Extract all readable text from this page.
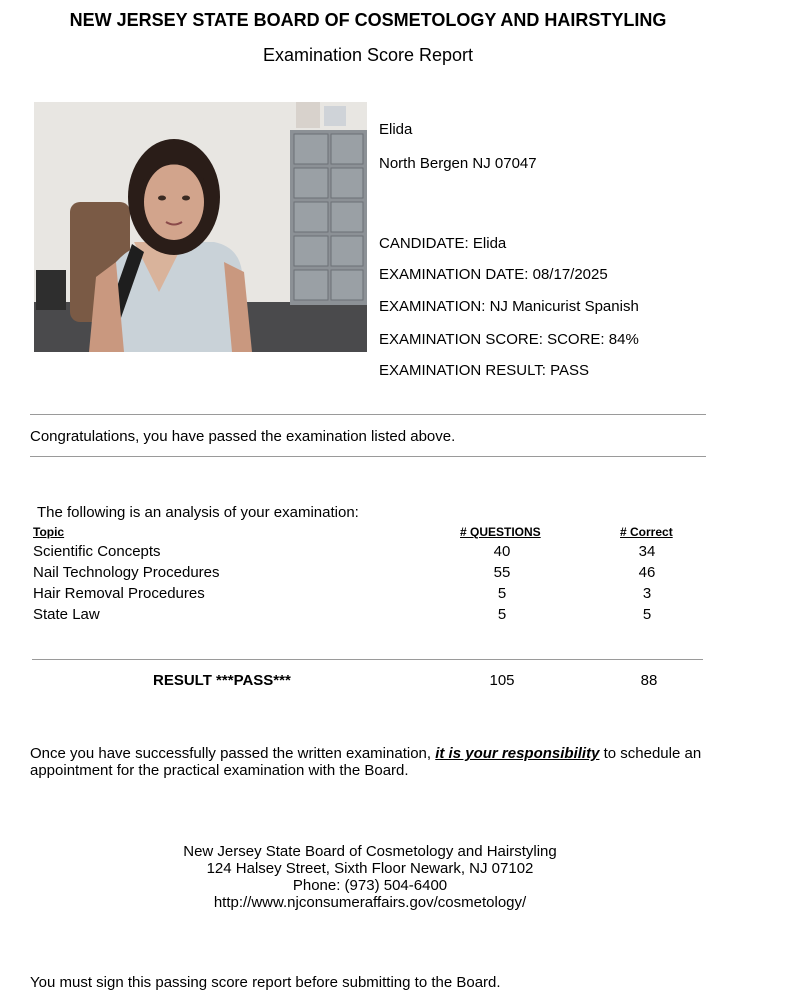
NEW JERSEY STATE BOARD OF COSMETOLOGY AND HAIRSTYLING
Examination Score Report
Elida
North Bergen NJ 07047
CANDIDATE: Elida
EXAMINATION DATE: 08/17/2025
EXAMINATION: NJ Manicurist Spanish
EXAMINATION SCORE: SCORE: 84%
EXAMINATION RESULT: PASS
Congratulations, you have passed the examination listed above.
The following is an analysis of your examination:
Topic	# QUESTIONS	# Correct
Scientific Concepts	40	34
Nail Technology Procedures	55	46
Hair Removal Procedures	5	3
State Law	5	5
RESULT ***PASS***	105	88
Once you have successfully passed the written examination, it is your responsibility to schedule an appointment for the practical examination with the Board.
New Jersey State Board of Cosmetology and Hairstyling
124 Halsey Street, Sixth Floor Newark, NJ 07102
Phone: (973) 504-6400
http://www.njconsumeraffairs.gov/cosmetology/
You must sign this passing score report before submitting to the Board.
